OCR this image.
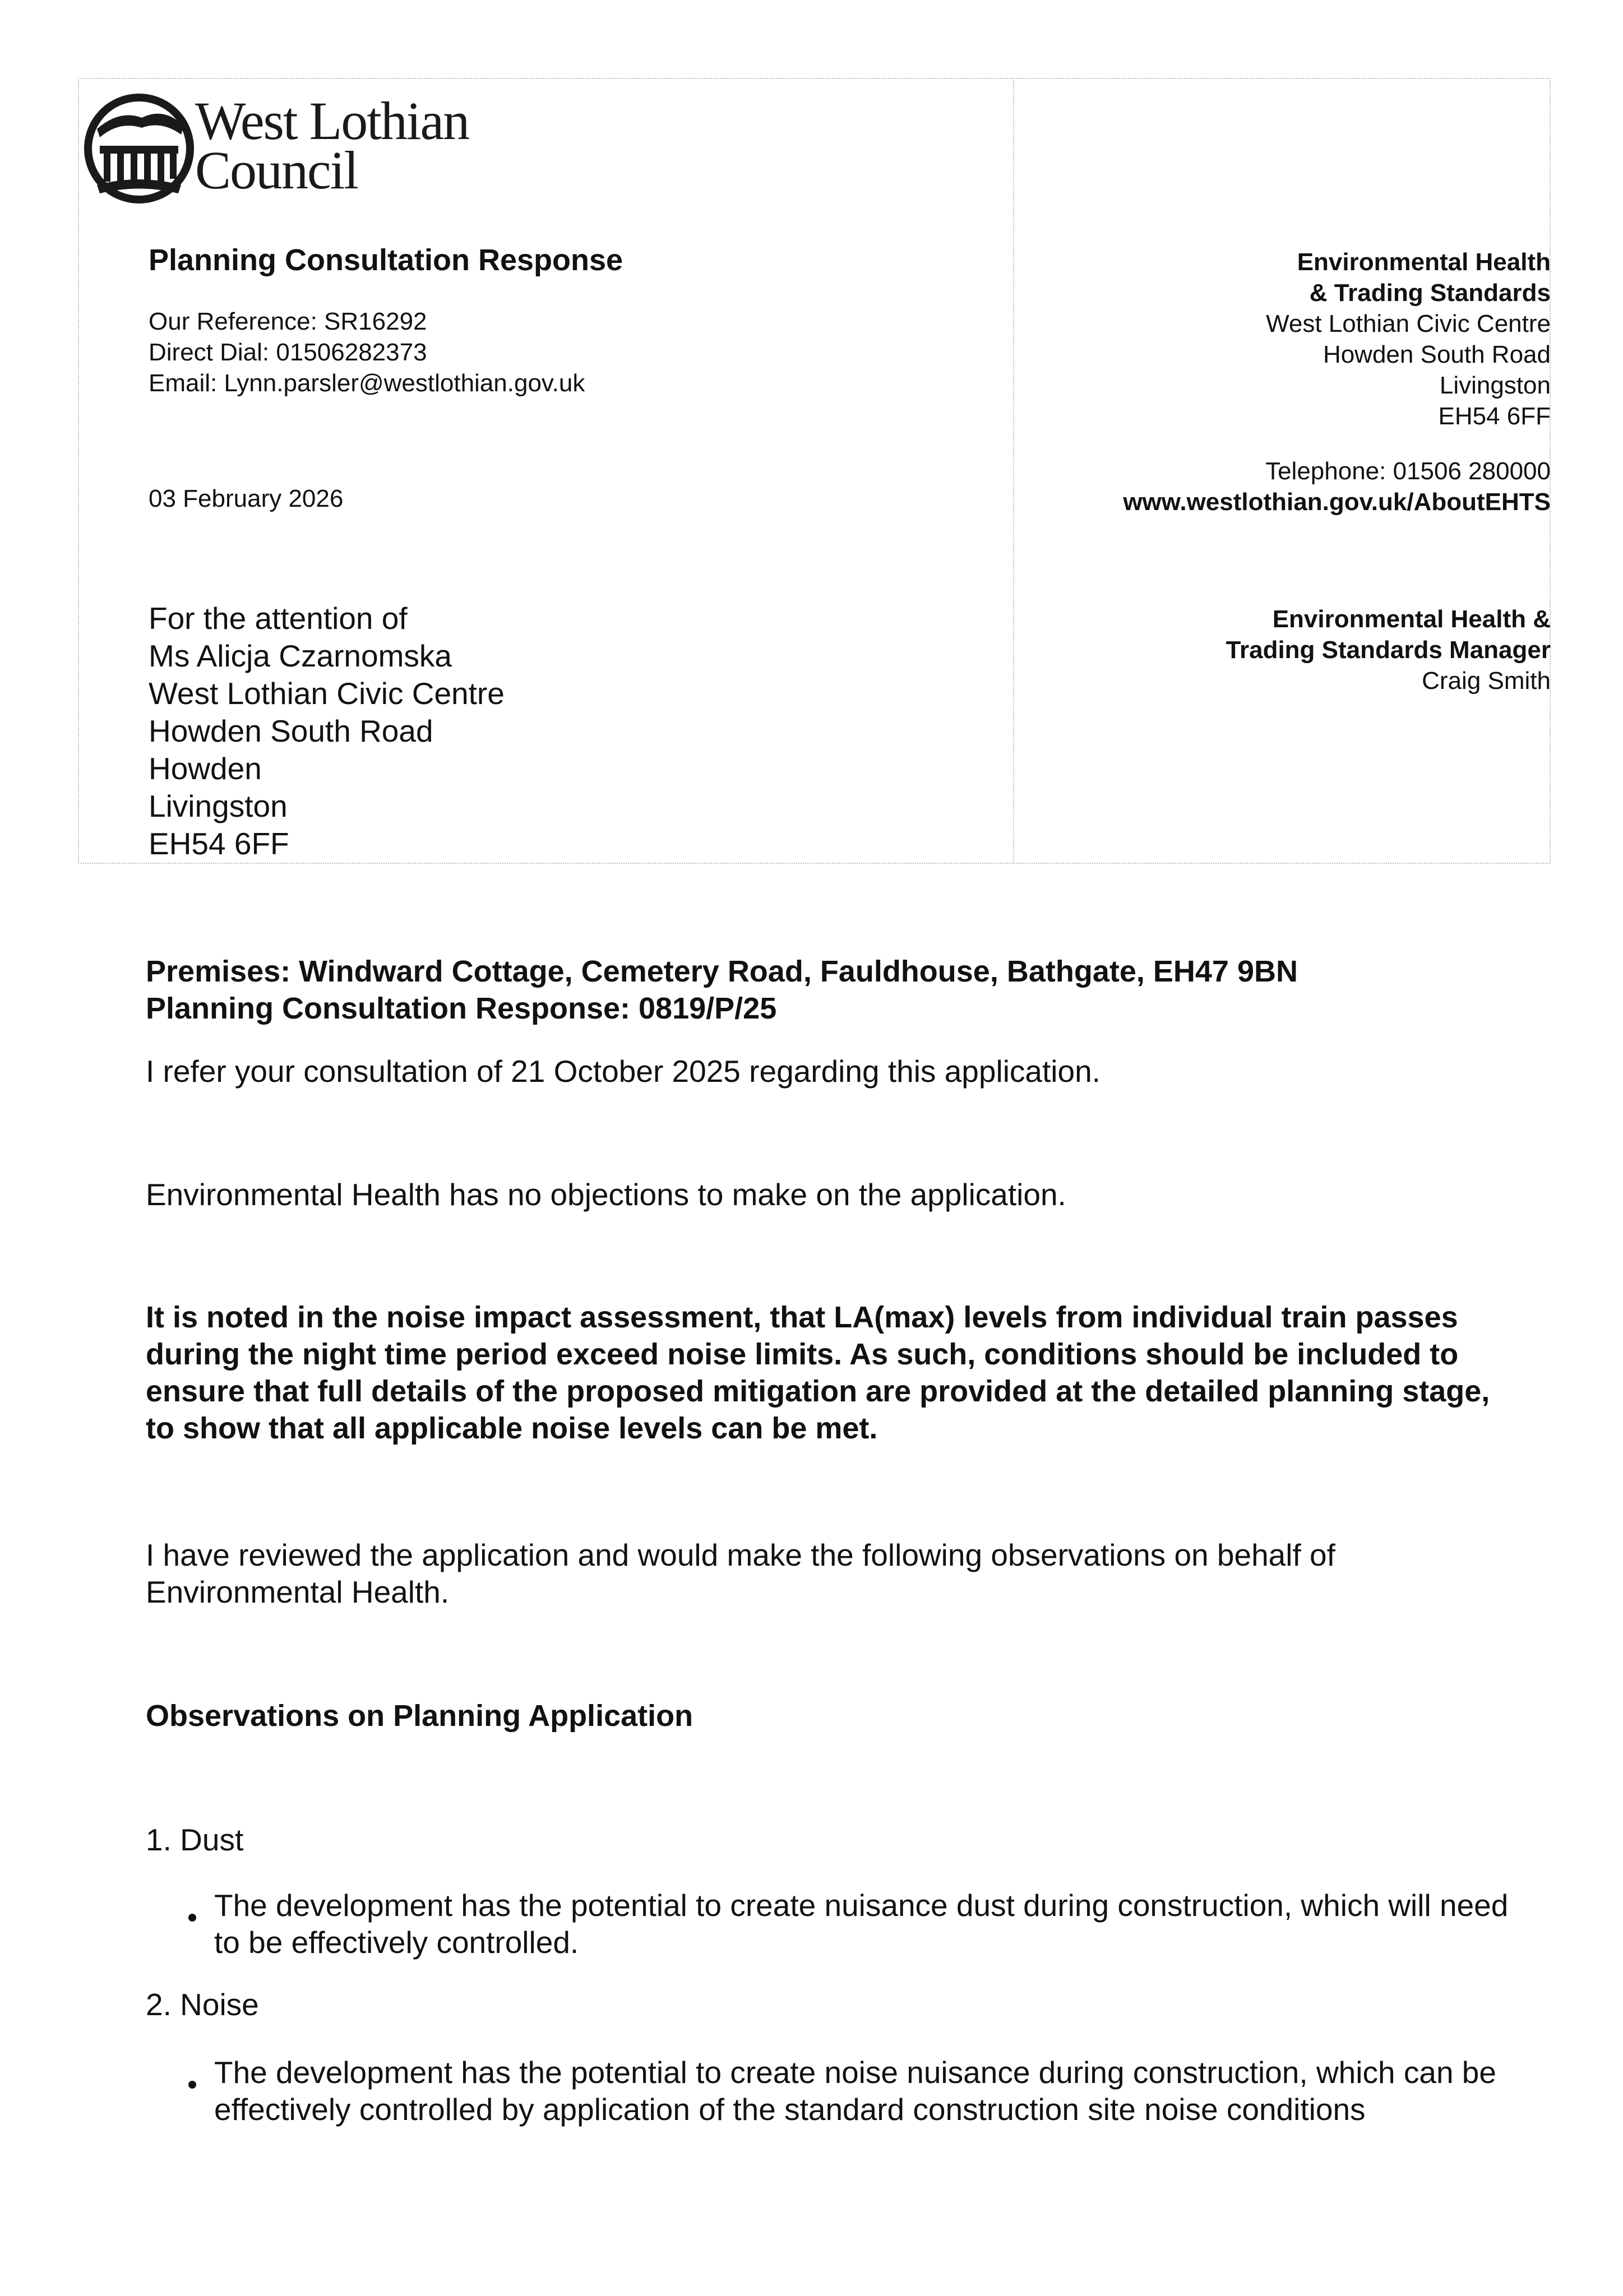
West Lothian
Council
Planning Consultation Response
Our Reference: SR16292
Direct Dial: 01506282373
Email: Lynn.parsler@westlothian.gov.uk
03 February 2026
For the attention of
Ms Alicja Czarnomska
West Lothian Civic Centre
Howden South Road
Howden
Livingston
EH54 6FF
Environmental Health
& Trading Standards
West Lothian Civic Centre
Howden South Road
Livingston
EH54 6FF
Telephone: 01506 280000
www.westlothian.gov.uk/AboutEHTS
Environmental Health &
Trading Standards Manager
Craig Smith
Premises: Windward Cottage, Cemetery Road, Fauldhouse, Bathgate, EH47 9BN
Planning Consultation Response: 0819/P/25
I refer your consultation of 21 October 2025 regarding this application.
Environmental Health has no objections to make on the application.
It is noted in the noise impact assessment, that LA(max) levels from individual train passes
during the night time period exceed noise limits. As such, conditions should be included to
ensure that full details of the proposed mitigation are provided at the detailed planning stage,
to show that all applicable noise levels can be met.
I have reviewed the application and would make the following observations on behalf of
Environmental Health.
Observations on Planning Application
1. Dust
The development has the potential to create nuisance dust during construction, which will need
to be effectively controlled.
2. Noise
The development has the potential to create noise nuisance during construction, which can be
effectively controlled by application of the standard construction site noise conditions
